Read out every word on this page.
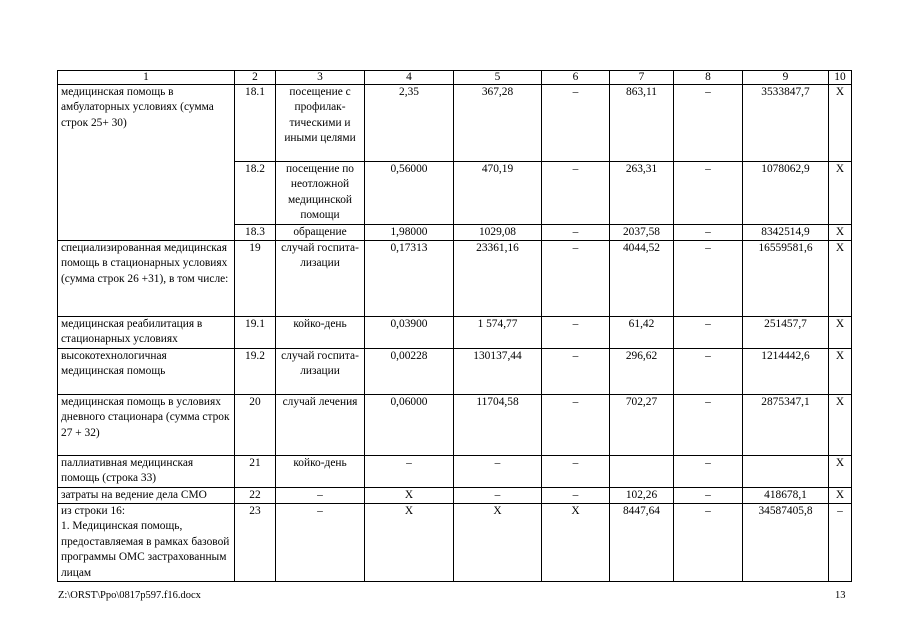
1	2	3	4	5	6	7	8	9	10
медицинская помощь в амбулаторных условиях (сумма строк 25+ 30)	18.1	посещение с профилак-тическими и иными целями	2,35	367,28	–	863,11	–	3533847,7	Х
	18.2	посещение по неотложной медицинской помощи	0,56000	470,19	–	263,31	–	1078062,9	Х
	18.3	обращение	1,98000	1029,08	–	2037,58	–	8342514,9	Х
специализированная медицинская помощь в стационарных условиях (сумма строк 26 +31), в том числе:	19	случай госпита-лизации	0,17313	23361,16	–	4044,52	–	16559581,6	Х
медицинская реабилитация в стационарных условиях	19.1	койко-день	0,03900	1 574,77	–	61,42	–	251457,7	Х
высокотехнологичная медицинская помощь	19.2	случай госпита-лизации	0,00228	130137,44	–	296,62	–	1214442,6	Х
медицинская помощь в условиях дневного стационара (сумма строк 27 + 32)	20	случай лечения	0,06000	11704,58	–	702,27	–	2875347,1	Х
паллиативная медицинская помощь (строка 33)	21	койко-день	–	–	–		–		Х
затраты на ведение дела СМО	22	–	Х	–	–	102,26	–	418678,1	Х
из строки 16:
1. Медицинская помощь, предоставляемая в рамках базовой программы ОМС застрахованным лицам	23	–	Х	Х	Х	8447,64	–	34587405,8	–
Z:\ORST\Ppo\0817p597.f16.docx	13
